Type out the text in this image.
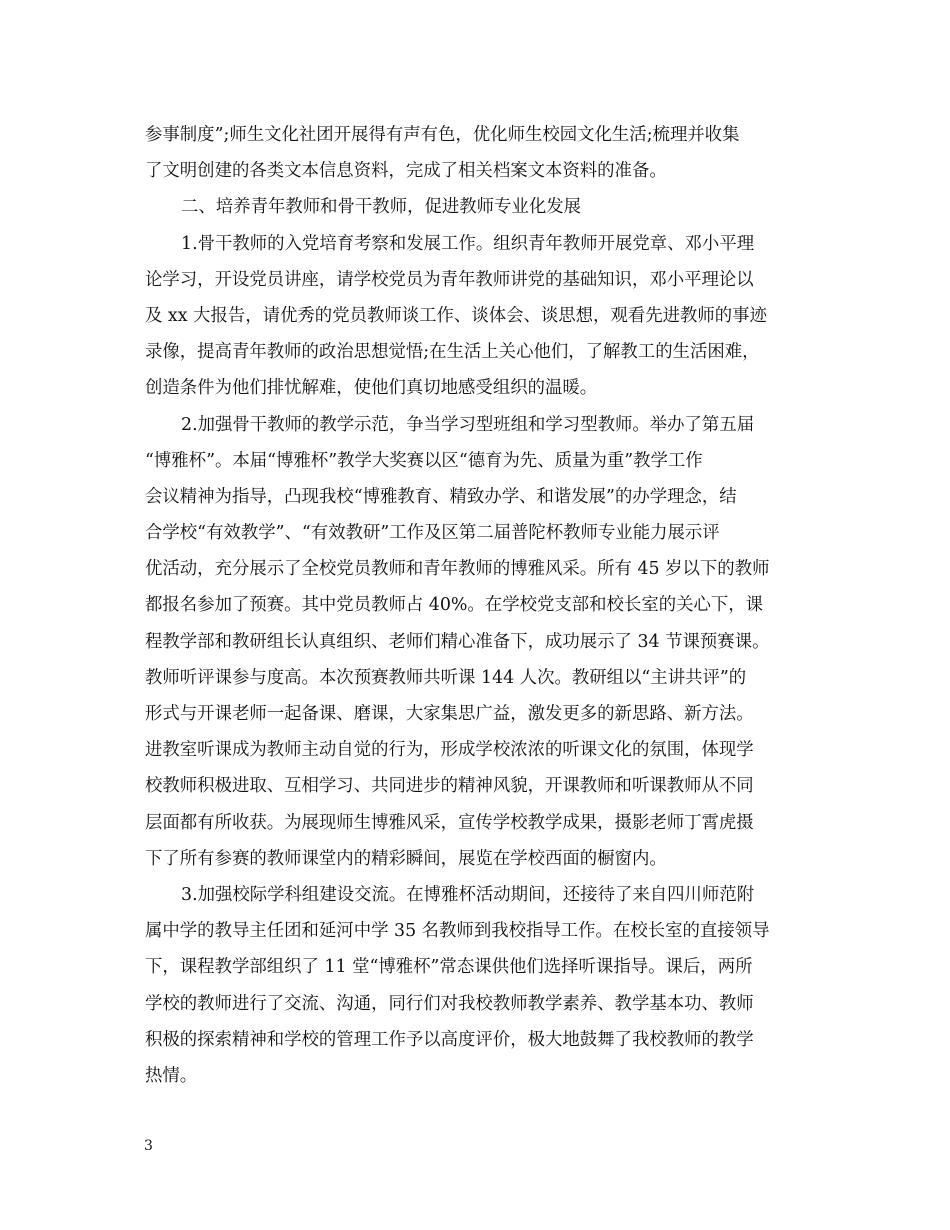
参事制度”;师生文化社团开展得有声有色，优化师生校园文化生活;梳理并收集
了文明创建的各类文本信息资料，完成了相关档案文本资料的准备。
二、培养青年教师和骨干教师，促进教师专业化发展
1.骨干教师的入党培育考察和发展工作。组织青年教师开展党章、邓小平理
论学习，开设党员讲座，请学校党员为青年教师讲党的基础知识，邓小平理论以
及 xx 大报告，请优秀的党员教师谈工作、谈体会、谈思想，观看先进教师的事迹
录像，提高青年教师的政治思想觉悟;在生活上关心他们，了解教工的生活困难，
创造条件为他们排忧解难，使他们真切地感受组织的温暖。
2.加强骨干教师的教学示范，争当学习型班组和学习型教师。举办了第五届
“博雅杯”。本届“博雅杯”教学大奖赛以区“德育为先、质量为重”教学工作
会议精神为指导，凸现我校“博雅教育、精致办学、和谐发展”的办学理念，结
合学校“有效教学”、“有效教研”工作及区第二届普陀杯教师专业能力展示评
优活动，充分展示了全校党员教师和青年教师的博雅风采。所有 45 岁以下的教师
都报名参加了预赛。其中党员教师占 40%。在学校党支部和校长室的关心下，课
程教学部和教研组长认真组织、老师们精心准备下，成功展示了 34 节课预赛课。
教师听评课参与度高。本次预赛教师共听课 144 人次。教研组以“主讲共评”的
形式与开课老师一起备课、磨课，大家集思广益，激发更多的新思路、新方法。
进教室听课成为教师主动自觉的行为，形成学校浓浓的听课文化的氛围，体现学
校教师积极进取、互相学习、共同进步的精神风貌，开课教师和听课教师从不同
层面都有所收获。为展现师生博雅风采，宣传学校教学成果，摄影老师丁霄虎摄
下了所有参赛的教师课堂内的精彩瞬间，展览在学校西面的橱窗内。
3.加强校际学科组建设交流。在博雅杯活动期间，还接待了来自四川师范附
属中学的教导主任团和延河中学 35 名教师到我校指导工作。在校长室的直接领导
下，课程教学部组织了 11 堂“博雅杯”常态课供他们选择听课指导。课后，两所
学校的教师进行了交流、沟通，同行们对我校教师教学素养、教学基本功、教师
积极的探索精神和学校的管理工作予以高度评价，极大地鼓舞了我校教师的教学
热情。
3
